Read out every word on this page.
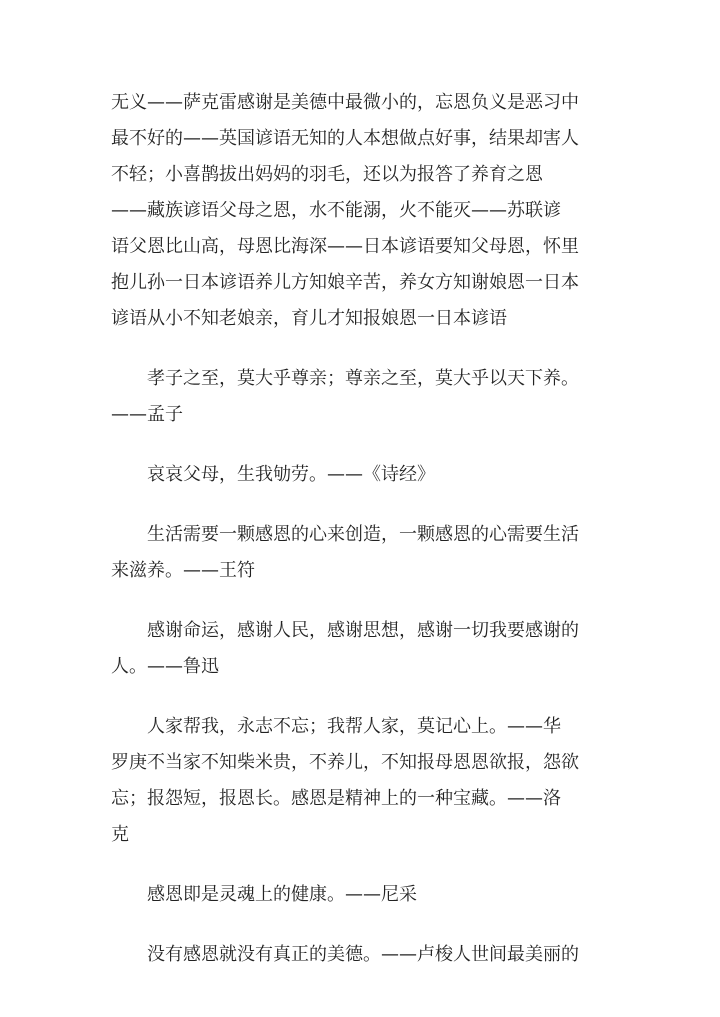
无义——萨克雷感谢是美德中最微小的，忘恩负义是恶习中
最不好的——英国谚语无知的人本想做点好事，结果却害人
不轻；小喜鹊拔出妈妈的羽毛，还以为报答了养育之恩
——藏族谚语父母之恩，水不能溺，火不能灭——苏联谚
语父恩比山高，母恩比海深——日本谚语要知父母恩，怀里
抱儿孙一日本谚语养儿方知娘辛苦，养女方知谢娘恩一日本
谚语从小不知老娘亲，育儿才知报娘恩一日本谚语

孝子之至，莫大乎尊亲；尊亲之至，莫大乎以天下养。
——孟子

哀哀父母，生我劬劳。——《诗经》

生活需要一颗感恩的心来创造，一颗感恩的心需要生活
来滋养。——王符

感谢命运，感谢人民，感谢思想，感谢一切我要感谢的
人。——鲁迅

人家帮我，永志不忘；我帮人家，莫记心上。——华
罗庚不当家不知柴米贵，不养儿，不知报母恩恩欲报，怨欲
忘；报怨短，报恩长。感恩是精神上的一种宝藏。——洛
克

感恩即是灵魂上的健康。——尼采

没有感恩就没有真正的美德。——卢梭人世间最美丽的
